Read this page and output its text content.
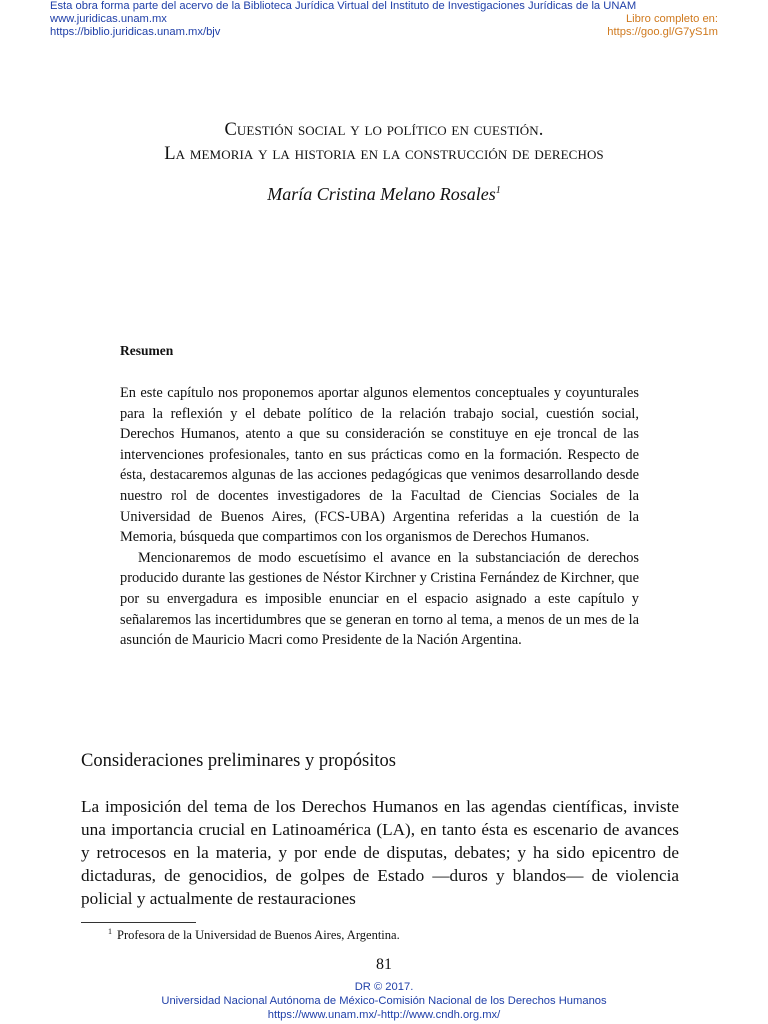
Esta obra forma parte del acervo de la Biblioteca Jurídica Virtual del Instituto de Investigaciones Jurídicas de la UNAM
www.juridicas.unam.mx
https://biblio.juridicas.unam.mx/bjv
Libro completo en:
https://goo.gl/G7yS1m
Cuestión social y lo político en cuestión.
La memoria y la historia en la construcción de derechos
María Cristina Melano Rosales$^1$
Resumen

En este capítulo nos proponemos aportar algunos elementos conceptuales y coyunturales para la reflexión y el debate político de la relación trabajo social, cuestión social, Derechos Humanos, atento a que su consideración se constituye en eje troncal de las intervenciones profesionales, tanto en sus prácticas como en la formación. Respecto de ésta, destacaremos algunas de las acciones pedagógicas que venimos desarrollando desde nuestro rol de docentes investigadores de la Facultad de Ciencias Sociales de la Universidad de Buenos Aires, (FCS-UBA) Argentina referidas a la cuestión de la Memoria, búsqueda que compartimos con los organismos de Derechos Humanos.

Mencionaremos de modo escuetísimo el avance en la substanciación de derechos producido durante las gestiones de Néstor Kirchner y Cristina Fernández de Kirchner, que por su envergadura es imposible enunciar en el espacio asignado a este capítulo y señalaremos las incertidumbres que se generan en torno al tema, a menos de un mes de la asunción de Mauricio Macri como Presidente de la Nación Argentina.

Consideraciones preliminares y propósitos

La imposición del tema de los Derechos Humanos en las agendas científicas, inviste una importancia crucial en Latinoamérica (LA), en tanto ésta es escenario de avances y retrocesos en la materia, y por ende de disputas, debates; y ha sido epicentro de dictaduras, de genocidios, de golpes de Estado —duros y blandos— de violencia policial y actualmente de restauraciones

$^1$ Profesora de la Universidad de Buenos Aires, Argentina.
81
DR © 2017.
Universidad Nacional Autónoma de México-Comisión Nacional de los Derechos Humanos
https://www.unam.mx/-http://www.cndh.org.mx/
